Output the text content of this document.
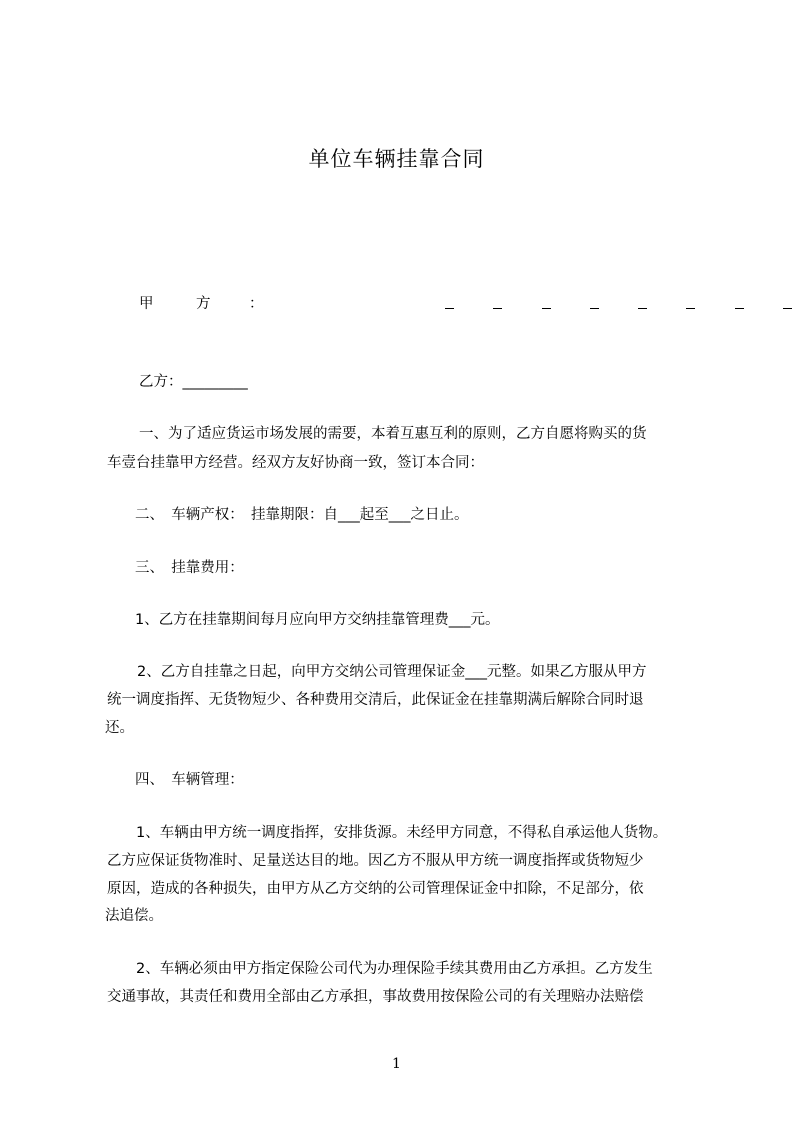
单位车辆挂靠合同
甲	方	：
乙方：_________
一、为了适应货运市场发展的需要，本着互惠互利的原则，乙方自愿将购买的货
车壹台挂靠甲方经营。经双方友好协商一致，签订本合同：
二、　车辆产权：　挂靠期限：自___起至___之日止。
三、　挂靠费用：
1、乙方在挂靠期间每月应向甲方交纳挂靠管理费___元。
2、乙方自挂靠之日起，向甲方交纳公司管理保证金___元整。如果乙方服从甲方
统一调度指挥、无货物短少、各种费用交清后，此保证金在挂靠期满后解除合同时退
还。
四、　车辆管理：
1、车辆由甲方统一调度指挥，安排货源。未经甲方同意，不得私自承运他人货物。
乙方应保证货物准时、足量送达目的地。因乙方不服从甲方统一调度指挥或货物短少
原因，造成的各种损失，由甲方从乙方交纳的公司管理保证金中扣除，不足部分，依
法追偿。
2、车辆必须由甲方指定保险公司代为办理保险手续其费用由乙方承担。乙方发生
交通事故，其责任和费用全部由乙方承担，事故费用按保险公司的有关理赔办法赔偿
1
